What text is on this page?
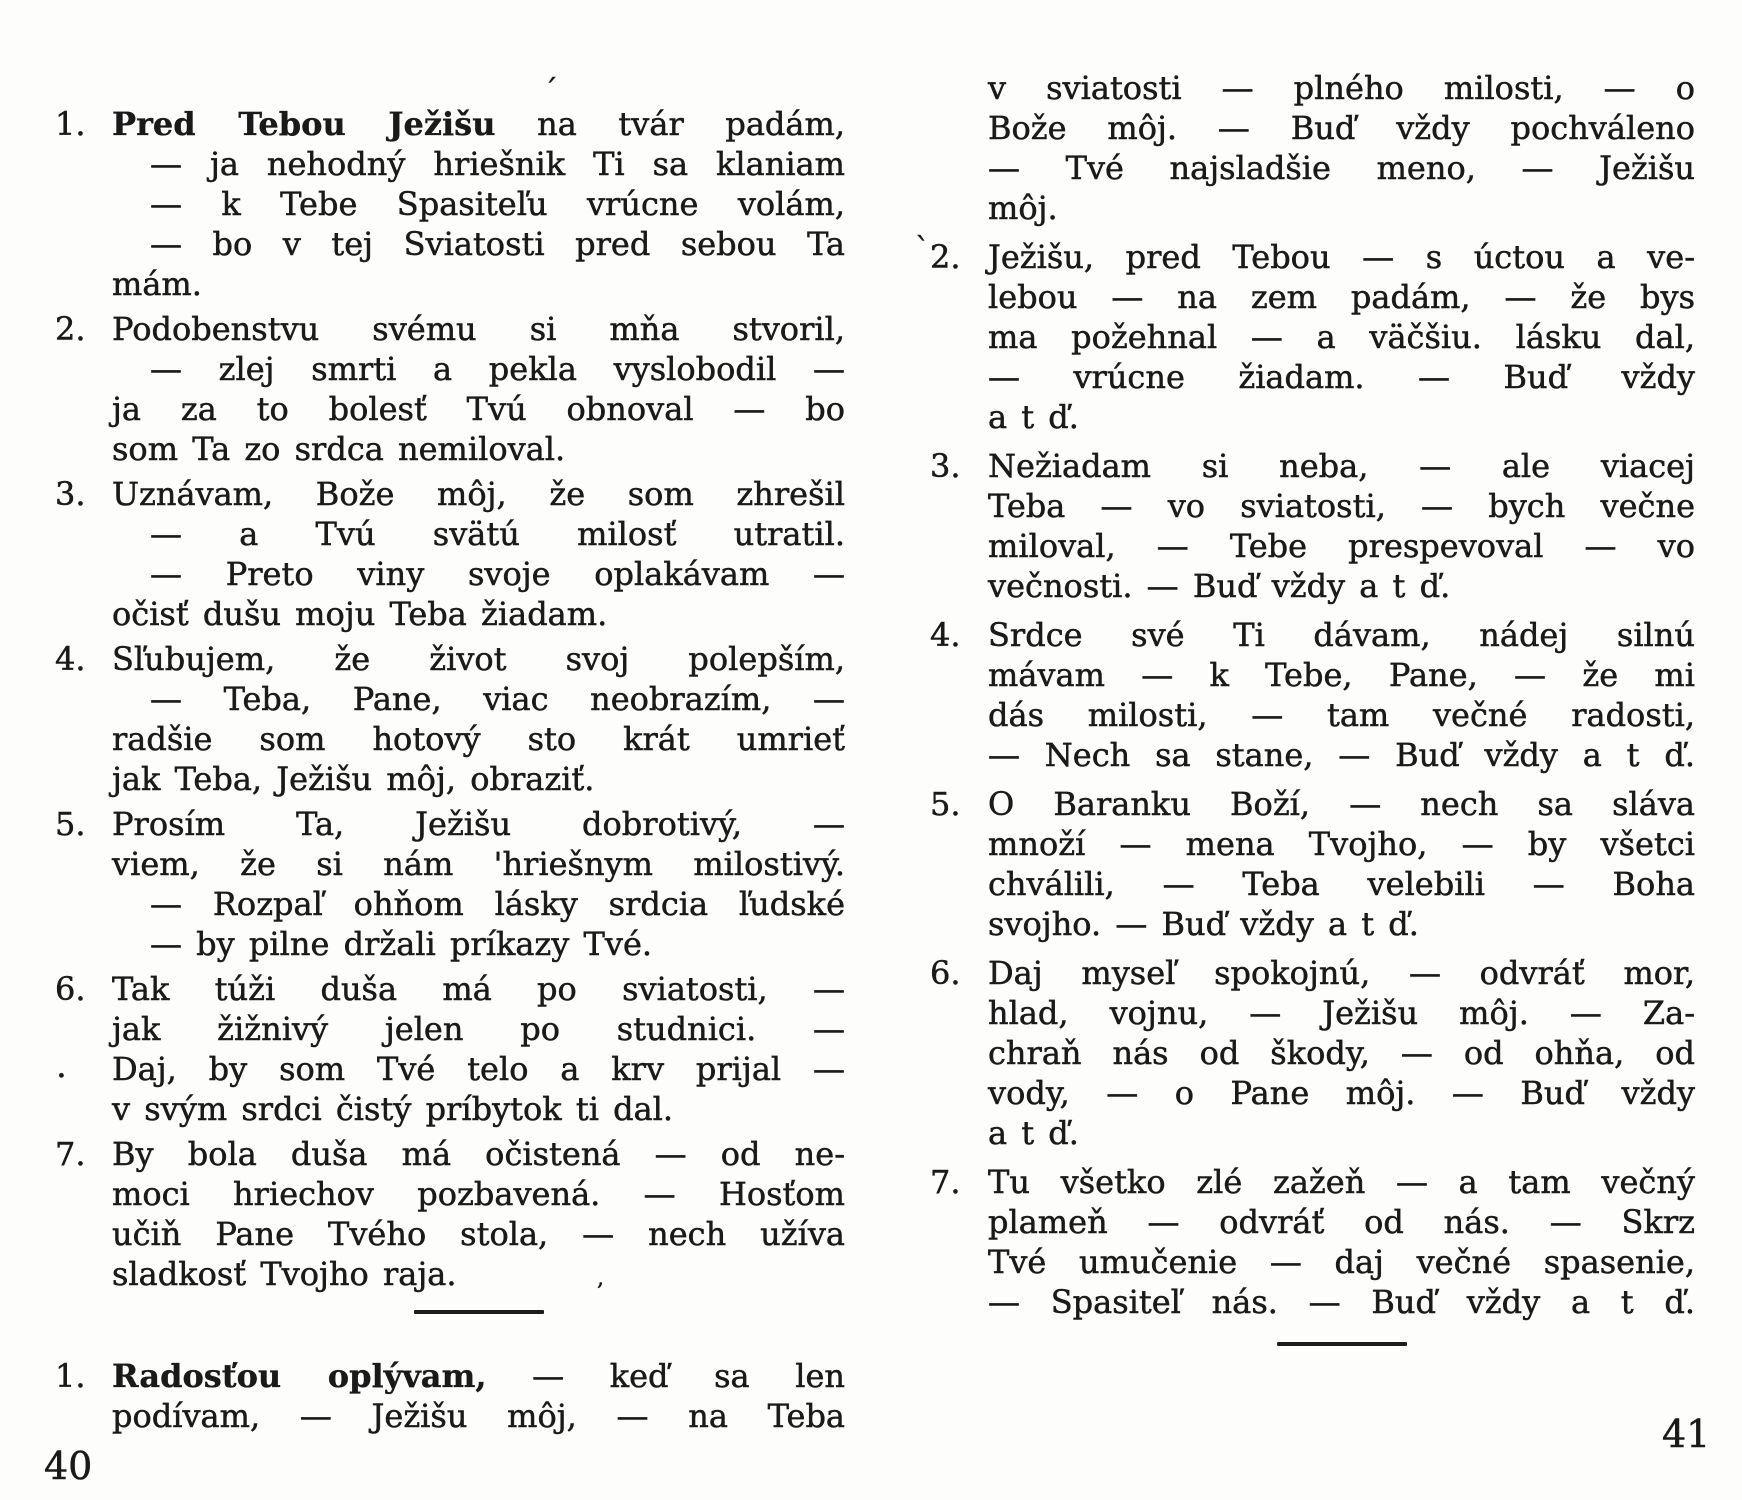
1. Pred Tebou Ježišu na tvár padám,
— ja nehodný hriešnik Ti sa klaniam
— k Tebe Spasiteľu vrúcne volám,
— bo v tej Sviatosti pred sebou Ta
mám.
2. Podobenstvu svému si mňa stvoril,
— zlej smrti a pekla vyslobodil —
ja za to bolesť Tvú obnoval — bo
som Ta zo srdca nemiloval.
3. Uznávam, Bože môj, že som zhrešil
— a Tvú svätú milosť utratil.
— Preto viny svoje oplakávam —
očisť dušu moju Teba žiadam.
4. Sľubujem, že život svoj polepším,
— Teba, Pane, viac neobrazím, —
radšie som hotový sto krát umrieť
jak Teba, Ježišu môj, obraziť.
5. Prosím Ta, Ježišu dobrotivý, —
viem, že si nám 'hriešnym milostivý.
— Rozpaľ ohňom lásky srdcia ľudské
— by pilne držali príkazy Tvé.
6. Tak túži duša má po sviatosti, —
jak žižnivý jelen po studnici. —
Daj, by som Tvé telo a krv prijal —
v svým srdci čistý príbytok ti dal.
7. By bola duša má očistená — od ne-
moci hriechov pozbavená. — Hosťom
učiň Pane Tvého stola, — nech užíva
sladkosť Tvojho raja.
1. Radosťou oplývam, — keď sa len
podívam, — Ježišu môj, — na Teba
v sviatosti — plného milosti, — o
Bože môj. — Buď vždy pochváleno
— Tvé najsladšie meno, — Ježišu
môj.
2. Ježišu, pred Tebou — s úctou a ve-
lebou — na zem padám, — že bys
ma požehnal — a väčšiu. lásku dal,
— vrúcne žiadam. — Buď vždy
a t ď.
3. Nežiadam si neba, — ale viacej
Teba — vo sviatosti, — bych večne
miloval, — Tebe prespevoval — vo
večnosti. — Buď vždy a t ď.
4. Srdce své Ti dávam, nádej silnú
mávam — k Tebe, Pane, — že mi
dás milosti, — tam večné radosti,
— Nech sa stane, — Buď vždy a t ď.
5. O Baranku Boží, — nech sa sláva
množí — mena Tvojho, — by všetci
chválili, — Teba velebili — Boha
svojho. — Buď vždy a t ď.
6. Daj myseľ spokojnú, — odvráť mor,
hlad, vojnu, — Ježišu môj. — Za-
chraň nás od škody, — od ohňa, od
vody, — o Pane môj. — Buď vždy
a t ď.
7. Tu všetko zlé zažeň — a tam večný
plameň — odvráť od nás. — Skrz
Tvé umučenie — daj večné spasenie,
— Spasiteľ nás. — Buď vždy a t ď.
40
41
´
`
.
,
